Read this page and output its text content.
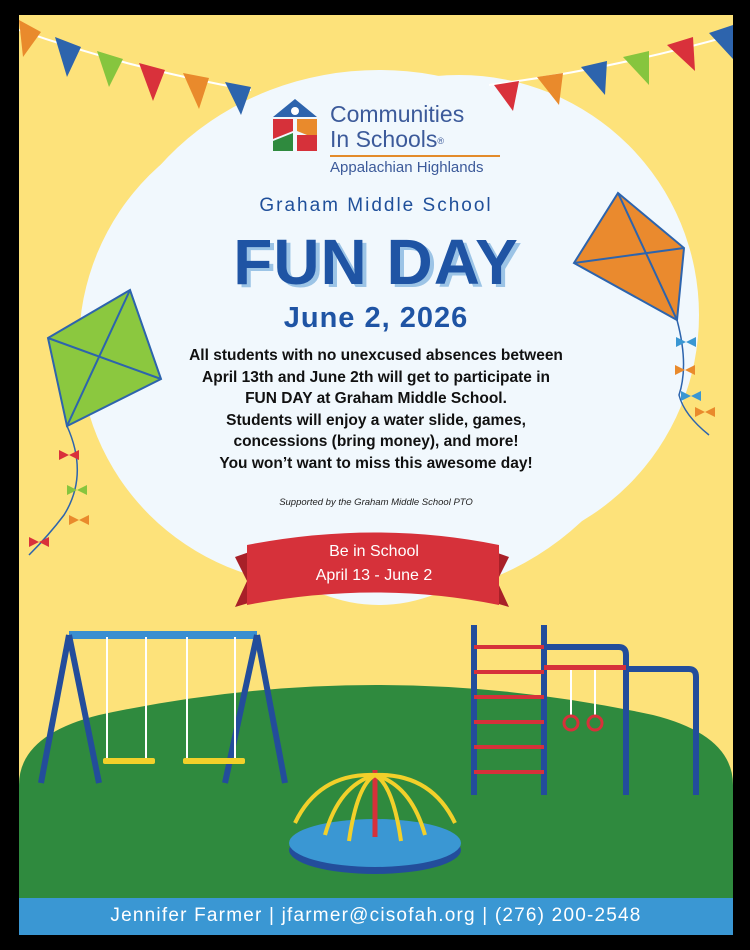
Communities
In Schools®
Appalachian Highlands
Graham Middle School
FUN DAY
June 2, 2026
All students with no unexcused absences between
April 13th and June 2th will get to participate in
FUN DAY at Graham Middle School.
Students will enjoy a water slide, games,
concessions (bring money), and more!
You won’t want to miss this awesome day!
Supported by the Graham Middle School PTO
Be in School
April 13 - June 2
Jennifer Farmer | jfarmer@cisofah.org | (276) 200-2548
